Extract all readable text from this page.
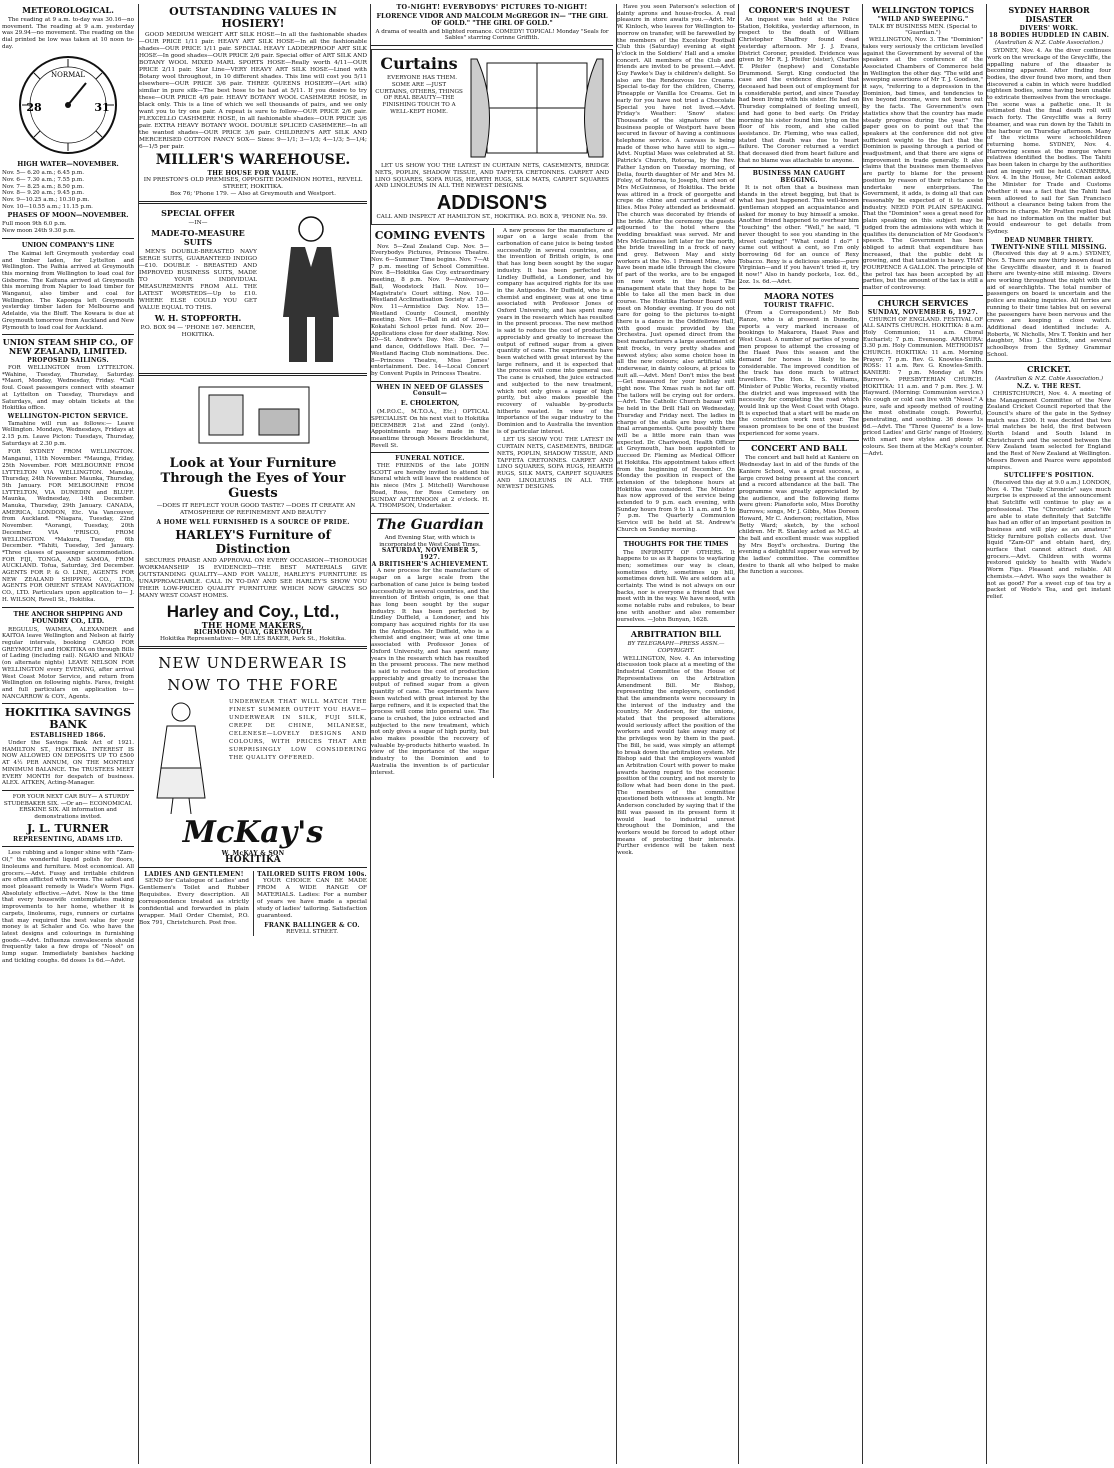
METEOROLOGICAL.

The reading at 9 a.m. to-day was 30.16—no movement. The reading at 9 a.m. yesterday was 29.94—no movement. The reading on the dial printed be low was taken at 10 noon to-day.

NORMAL
28	31
HIGH WATER—NOVEMBER.
Nov. 5— 6.20 a.m.; 6.45 p.m.
Nov. 6— 7.30 a.m.; 7.55 p.m.
Nov. 7— 8.25 a.m.; 8.50 p.m.
Nov. 8— 9.20 a.m.; 9.45 p.m.
Nov. 9—10.25 a.m.; 10.30 p.m.
Nov. 10—10.55 a.m.; 11.15 p.m.
PHASES OF MOON—NOVEMBER.
Full moon 9th 6.0 p.m.
New moon 24th 9.30 p.m.
UNION COMPANY'S LINE

The Kaimai left Greymouth yesterday coal and timber laden, for Lyttelton and Wellington. The Paihia arrived at Greymouth this morning from Wellington to load coal for Gisborne. The Kaituna arrived at Greymouth this morning from Napier to load timber for Wanganui, also timber and coal for Wellington. The Kaponga left Greymouth yesterday timber laden for Melbourne and Adelaide, via the Bluff. The Kowara is due at Greymouth tomorrow from Auckland and New Plymouth to load coal for Auckland.

UNION STEAM SHIP CO., OF NEW ZEALAND, LIMITED.
PROPOSED SAILINGS.

FOR WELLINGTON from LYTTELTON. *Wahine, Tuesday, Thursday, Saturday. *Maori, Monday, Wednesday, Friday. *Call foul. Coast passengers connect with steamer at Lyttelton on Tuesday, Thursdays and Saturdays, and may obtain tickets at the Hokitika office.

WELLINGTON-PICTON SERVICE.

Tamahine will run as follows:— Leave Wellington. Mondays, Wednesdays, Fridays at 2.15 p.m. Leave Picton: Tuesdays, Thursday, Saturdays at 2.30 p.m.

FOR SYDNEY FROM WELLINGTON. Manganui, 11th November. *Maunga, Friday, 25th November. FOR MELBOURNE FROM LYTTELTON VIA WELLINGTON. Manuka, Thursday, 24th November. Maunka, Thursday, 5th January. FOR MELBOURNE FROM LYTTELTON, VIA DUNEDIN and BLUFF. Maunka, Wednesday, 14th December. Manuka, Thursday, 29th January. CANADA, AMERICA, LONDON, Etc. Via Vancouver, from Auckland. *Niagara, Tuesday, 22nd November. *Aorangi, Tuesday, 20th December. VIA 'FRISCO, FROM WELLINGTON. *Makura, Tuesday, 6th December. *Tahiti, Tuesday, 3rd January. *Three classes of passenger accommodation. FOR FIJI, TONGA, AND SAMOA, FROM AUCKLAND. Tofua, Saturday, 3rd December. AGENTS FOR P. & O. LINE, AGENTS FOR NEW ZEALAND SHIPPING CO., LTD., AGENTS FOR ORIENT STEAM NAVIGATION CO., LTD. Particulars upon application to— J. H. WILSON, Revell St., Hokitika.

THE ANCHOR SHIPPING AND FOUNDRY CO., LTD.

REGULUS, WAIMEA, ALEXANDER and KAITOA leave Wellington and Nelson at fairly regular intervals, booking CARGO FOR GREYMOUTH and HOKITIKA on through Bills of Lading (including rail). NGAIO and NIKAU (on alternate nights) LEAVE NELSON FOR WELLINGTON every EVENING, after arrival West Coast Motor Service, and return from Wellington on following nights. Fares, freight and full particulars on application to— NANCARROW & COY., Agents.

HOKITIKA SAVINGS BANK
ESTABLISHED 1866.

Under the Savings Bank Act of 1921. HAMILTON ST., HOKITIKA. INTEREST IS NOW ALLOWED ON DEPOSITS UP TO £500 AT 4½ PER ANNUM, ON THE MONTHLY MINIMUM BALANCE. The TRUSTEES MEET EVERY MONTH for despatch of business. ALEX. AITKEN, Acting-Manager.

FOR YOUR NEXT CAR BUY— A STURDY STUDEBAKER SIX. —Or an— ECONOMICAL ERSKINE SIX. All information and demonstrations invited.

J. L. TURNER
REPRESENTING, ADAMS LTD.

Less rubbing and a longer shine with "Zam-Ol," the wonderful liquid polish for floors, linoleums and furniture. Most economical. All grocers.—Advt. Fussy and irritable children are often afflicted with worms. The safest and most pleasant remedy is Wade's Worm Figs. Absolutely effective.—Advt. Now is the time that every housewife contemplates making improvements to her home, whether it is carpets, linoleums, rugs, runners or curtains that may required the best value for your money is at Schaler and Co. who have the latest designs and colourings in furnishing goods.—Advt. Influenza convalescents should frequently take a few drops of "Nosol" on lump sugar. Immediately banishes hacking and tickling coughs. 6d doses 1s 6d.—Advt.

OUTSTANDING VALUES IN HOSIERY!

GOOD MEDIUM WEIGHT ART SILK HOSE—In all the fashionable shades—OUR PRICE 1/11 pair. HEAVY ART SILK HOSE—In all the fashionable shades—OUR PRICE 1/11 pair. SPECIAL HEAVY LADDERPROOF ART SILK HOSE—In good shades—OUR PRICE 2/6 pair. Special offer of ART SILK AND BOTANY WOOL MIXED MARL SPORTS HOSE—Really worth 4/11—OUR PRICE 2/11 pair. Star Line—VERY HEAVY ART SILK HOSE—Lined with Botany wool throughout, in 10 different shades. This line will cost you 5/11 elsewhere—OUR PRICE 3/6 pair. THREE QUEENS HOSIERY—(Art silk) similar in pure silk—The best hose to be had at 5/11. If you desire to try these—OUR PRICE 4/6 pair. HEAVY BOTANY WOOL CASHMERE HOSE, in black only. This is a line of which we sell thousands of pairs, and we only want you to try one pair. A repeat is sure to follow—OUR PRICE 2/6 pair. FLEXCELLO CASHMERE HOSE, in all fashionable shades—OUR PRICE 3/6 pair. EXTRA HEAVY BOTANY WOOL DOUBLE SPLICED CASHMERE—In all the wanted shades—OUR PRICE 3/6 pair. CHILDREN'S ART SILK AND MERCERISED COTTON FANCY SOX— Sizes: 9—1/1; 3—1/3; 4—1/3; 5—1/4; 6—1/5 per pair.

MILLER'S WAREHOUSE.
THE HOUSE FOR VALUE.
IN PRESTON'S OLD PREMISES, OPPOSITE DOMINION HOTEL, REVELL STREET, HOKITIKA.
Box 76; 'Phone 179. — Also at Greymouth and Westport.
SPECIAL OFFER
—IN—
MADE-TO-MEASURE SUITS

MEN'S DOUBLE-BREASTED NAVY SERGE SUITS, GUARANTEED INDIGO—£10. DOUBLE - BREASTED AND IMPROVED BUSINESS SUITS, MADE TO YOUR INDIVIDUAL MEASUREMENTS FROM ALL THE LATEST WORSTEDS—Up to £10. WHERE ELSE COULD YOU GET VALUE EQUAL TO THIS.

W. H. STOPFORTH.
P.O. BOX 94 — 'PHONE 167. MERCER, HOKITIKA.
Look at Your Furniture Through the Eyes of Your Guests

—DOES IT REFLECT YOUR GOOD TASTE? —DOES IT CREATE AN ATMOSPHERE OF REFINEMENT AND BEAUTY?

A HOME WELL FURNISHED IS A SOURCE OF PRIDE.
HARLEY'S Furniture of Distinction

SECURES PRAISE AND APPROVAL ON EVERY OCCASION—THOROUGH WORKMANSHIP IS EVIDENCED—THE BEST MATERIALS GIVE OUTSTANDING QUALITY—AND FOR VALUE, HARLEY'S FURNITURE IS UNAPPROACHABLE. CALL IN TO-DAY AND SEE HARLEY'S SHOW YOU THEIR LOW-PRICED QUALITY FURNITURE WHICH NOW GRACES SO MANY WEST COAST HOMES.

Harley and Coy., Ltd.,
THE HOME MAKERS,
RICHMOND QUAY, GREYMOUTH
Hokitika Representative:— MR LES BAKER, Park St., Hokitika.
NEW UNDERWEAR IS NOW TO THE FORE
UNDERWEAR THAT WILL MATCH THE FINEST SUMMER OUTFIT YOU HAVE—UNDERWEAR IN SILK, FUJI SILK, CREPE DE CHINE, MILANESE, CELENESE—LOVELY DESIGNS AND COLOURS, WITH PRICES THAT ARE SURPRISINGLY LOW CONSIDERING THE QUALITY OFFERED.
McKay's
W. McKAY & SON
HOKITIKA
LADIES AND GENTLEMEN!

SEND for Catalogue of Ladies' and Gentlemen's Toilet and Rubber Requisites. Every description. All correspondence treated as strictly confidential and forwarded in plain wrapper. Mail Order Chemist, P.O. Box 791, Christchurch. Post free.

TAILORED SUITS FROM 100s.

YOUR CHOICE CAN BE MADE FROM A WIDE RANGE OF MATERIALS. Ladies: For a number of years we have made a special study of ladies' tailoring. Satisfaction guaranteed.

FRANK BALLINGER & CO.
REVELL STREET.
TO-NIGHT! EVERYBODYS' PICTURES TO-NIGHT!
FLORENCE VIDOR AND MALCOLM McGREGOR IN— "THE GIRL OF GOLD." "THE GIRL OF GOLD."
A drama of wealth and blighted romance. COMEDY! TOPICAL! Monday "Seals for Sables" starring Corinne Griffith.
Curtains

EVERYONE HAS THEM. SOME ARE —JUST CURTAINS, OTHERS, THINGS OF REAL BEAUTY—THE FINISHING TOUCH TO A WELL-KEPT HOME.

LET US SHOW YOU THE LATEST IN CURTAIN NETS, CASEMENTS, BRIDGE NETS, POPLIN, SHADOW TISSUE, AND TAFFETA CRETONNES. CARPET AND LINO SQUARES, SOFA RUGS, HEARTH RUGS, SILK MATS, CARPET SQUARES AND LINOLEUMS IN ALL THE NEWEST DESIGNS.

ADDISON'S
CALL AND INSPECT AT HAMILTON ST., HOKITIKA. P.O. BOX 8, 'PHONE No. 59.
COMING EVENTS

Nov. 5—Zeal Zealand Cup. Nov. 5—Everybodys Pictures, Princess Theatre. Nov. 6—Summer Time begins. Nov. 7—At 7 p.m. meeting of School Committee. Nov. 8—Hokitika Gas Coy. extraordinary meeting, 8 p.m. Nov. 9—Anniversary Ball, Woodstock Hall. Nov. 10—Magistrate's Court sitting. Nov. 10—Westland Acclimatisation Society at 7.30. Nov. 11—Armistice Day. Nov. 15—Westland County Council, monthly meeting. Nov. 16—Ball in aid of Lower Kokatahi School prize fund. Nov. 20—Applications close for deer stalking. Nov. 20—St. Andrew's Day. Nov. 30—Social and dance, Oddfellows Hall. Dec. 7—Westland Racing Club nominations. Dec. 8—Princess Theatre, Miss James' entertainment. Dec. 14—Local Concert by Convent Pupils in Princess Theatre.

WHEN IN NEED OF GLASSES Consult—
E. CHOLERTON,

(M.P.O.C., M.T.O.A., Etc.) OPTICAL SPECIALIST. On his next visit to Hokitika DECEMBER 21st and 22nd (only). Appointments may be made in the meantime through Messrs Brocklehurst, Revell St.

FUNERAL NOTICE.

THE FRIENDS of the late JOHN SCOTT are hereby invited to attend his funeral which will leave the residence of his niece (Mrs J. Mitchell) Warehouse Road, Ross, for Ross Cemetery on SUNDAY AFTERNOON at 2 o'clock. H. A. THOMPSON, Undertaker.

The Guardian
And Evening Star, with which is incorporated the West Coast Times.
SATURDAY, NOVEMBER 5, 1927.
A BRITISHER'S ACHIEVEMENT.

A new process for the manufacture of sugar on a large scale from the carbonation of cane juice is being tested successfully in several countries, and the invention of British origin, is one that has long been sought by the sugar industry. It has been perfected by Lindley Duffield, a Londoner, and his company has acquired rights for its use in the Antipodes. Mr Duffield, who is a chemist and engineer, was at one time associated with Professor Jones of Oxford University, and has spent many years in the research which has resulted in the present process. The new method is said to reduce the cost of production appreciably and greatly to increase the output of refined sugar from a given quantity of cane. The experiments have been watched with great interest by the large refiners, and it is expected that the process will come into general use. The cane is crushed, the juice extracted and subjected to the new treatment, which not only gives a sugar of high purity, but also makes possible the recovery of valuable by-products hitherto wasted. In view of the importance of the sugar industry to the Dominion and to Australia the invention is of particular interest.

A new process for the manufacture of sugar on a large scale from the carbonation of cane juice is being tested successfully in several countries, and the invention of British origin, is one that has long been sought by the sugar industry. It has been perfected by Lindley Duffield, a Londoner, and his company has acquired rights for its use in the Antipodes. Mr Duffield, who is a chemist and engineer, was at one time associated with Professor Jones of Oxford University, and has spent many years in the research which has resulted in the present process. The new method is said to reduce the cost of production appreciably and greatly to increase the output of refined sugar from a given quantity of cane. The experiments have been watched with great interest by the large refiners, and it is expected that the process will come into general use. The cane is crushed, the juice extracted and subjected to the new treatment, which not only gives a sugar of high purity, but also makes possible the recovery of valuable by-products hitherto wasted. In view of the importance of the sugar industry to the Dominion and to Australia the invention is of particular interest.

LET US SHOW YOU THE LATEST IN CURTAIN NETS, CASEMENTS, BRIDGE NETS, POPLIN, SHADOW TISSUE, AND TAFFETA CRETONNES. CARPET AND LINO SQUARES, SOFA RUGS, HEARTH RUGS, SILK MATS, CARPET SQUARES AND LINOLEUMS IN ALL THE NEWEST DESIGNS.

Have you seen Paterson's selection of dainty aprons and house-frocks. A real pleasure in store awaits you.—Advt. Mr W. Kinloch, who leaves for Wellington to-morrow on transfer, will be farewelled by the members of the Excelsior Football Club this (Saturday) evening at eight o'clock in the Soldiers' Hall and a smoke concert. All members of the Club and friends are invited to be present.—Advt. Guy Fawke's Day is children's delight. So also are the Rendezvous Ice Creams. Special to-day for the children, Cherry, Pineapple or Vanilla Ice Creams. Get in early for you have not tried a Chocolate Special you have not lived.—Advt. Friday's Weather: 'Snow' states: Thousands of the signatures of the business people of Westport have been secured in favour of having a continuous telephone service. A canvass is being made of those who have still to sign.—Advt. Nuptial Mass was celebrated at St. Patrick's Church, Rotorua, by the Rev. Father Lyndon on Tuesday morning, of Delia, fourth daughter of Mr and Mrs M. Foley, of Rotorua, to Joseph, third son of Mrs McGuinness, of Hokitika. The bride was attired in a frock of georgette and crepe de chine and carried a sheaf of lilies. Miss Foley attended as bridesmaid. The church was decorated by friends of the bride. After the ceremony the guests adjourned to the hotel where the wedding breakfast was served. Mr and Mrs McGuinness left later for the north, the bride travelling in a frock of navy and grey. Between May and sixty workers at the No. 1 Prinsent Mine, who have been made idle through the closure of part of the works, are to be engaged on new work in the field. The management state that they hope to be able to take all the men back in due course. The Hokitika Harbour Board will meet on Monday evening. If you do not care for going to the pictures to-night there is a dance in the Oddfellows Hall, with good music provided by the Orchestra. Just opened direct from the best manufacturers a large assortment of knit frocks, in very pretty shades and newest styles; also some choice hose in all the new colours; also artificial silk underwear, in dainty colours, at prices to suit all.—Advt. Men! Don't miss the best—Get measured for your holiday suit right now. The Xmas rush is not far off. The tailors will be crying out for orders. —Advt. The Catholic Church bazaar will be held in the Drill Hall on Wednesday, Thursday and Friday next. The ladies in charge of the stalls are busy with the final arrangements. Quite possibly there will be a little more rain than was expected. Dr. Charlwood, Health Officer at Greymouth, has been appointed to succeed Dr. Fleming as Medical Officer at Hokitika. His appointment takes effect from the beginning of December. On Monday the position in respect of the extension of the telephone hours at Hokitika was considered. The Minister has now approved of the service being extended to 9 p.m. each evening, with Sunday hours from 9 to 11 a.m. and 5 to 7 p.m. The Quarterly Communion Service will be held at St. Andrew's Church on Sunday morning.

THOUGHTS FOR THE TIMES

The INFIRMITY OF OTHERS. It happens to us as it happens to wayfaring men; sometimes our way is clean, sometimes dirty, sometimes up hill, sometimes down hill. We are seldom at a certainty. The wind is not always on our backs, nor is everyone a friend that we meet with in the way. We have need, with some notable rubs and rebukes, to bear one with another and also remember ourselves. —John Bunyan, 1628.

ARBITRATION BILL
BY TELEGRAPH—PRESS ASSN.—COPYRIGHT.

WELLINGTON, Nov. 4. An interesting discussion took place at a meeting of the Industrial Committee of the House of Representatives on the Arbitration Amendment Bill. Mr Bishop, representing the employers, contended that the amendments were necessary in the interest of the industry and the country. Mr Anderson, for the unions, stated that the proposed alterations would seriously affect the position of the workers and would take away many of the privileges won by them in the past. The Bill, he said, was simply an attempt to break down the arbitration system. Mr Bishop said that the employers wanted an Arbitration Court with power to make awards having regard to the economic position of the country, and not merely to follow what had been done in the past. The members of the committee questioned both witnesses at length. Mr Anderson concluded by saying that if the Bill was passed in its present form it would lead to industrial unrest throughout the Dominion, and the workers would be forced to adopt other means of protecting their interests. Further evidence will be taken next week.

CORONER'S INQUEST

An inquest was held at the Police Station, Hokitika, yesterday afternoon, in respect to the death of William Christopher Shaffrey found dead yesterday afternoon. Mr J. J. Evans, District Coroner, presided. Evidence was given by Mr R. J. Pfeifer (sister), Charles T. Pfeifer (nephew) and Constable Drummond. Sergt. King conducted the case and the evidence disclosed that deceased had been out of employment for a considerable period, and since Tuesday had been living with his sister. He had on Thursday complained of feeling unwell, and had gone to bed early. On Friday morning his sister found him lying on the floor of his room, and she called assistance. Dr. Fleming, who was called, stated that death was due to heart failure. The Coroner returned a verdict that deceased died from heart failure and that no blame was attachable to anyone.

BUSINESS MAN CAUGHT BEGGING.

It is not often that a business man stands in the street begging, but that is what has just happened. This well-known gentleman stopped an acquaintance and asked for money to buy himself a smoke. Another friend happened to overhear him "touching" the other. "Well," he said, "I never thought to see you standing in the street cadging!" "What could I do?" I came out without a cent, so I'm only borrowing 6d for an ounce of Rexy Tobacco. Rexy is a delicious smoke—pure Virginian—and if you haven't tried it, try it now!" Also in handy pockets, 1oz. 6d., 2oz. 1s. 6d.—Advt.

MAORA NOTES
TOURIST TRAFFIC.

(From a Correspondent.) Mr Bob Ranze, who is at present in Dunedin, reports a very marked increase of bookings to Makarora, Haast Pass and West Coast. A number of parties of young men propose to attempt the crossing of the Haast Pass this season and the demand for horses is likely to be considerable. The improved condition of the track has done much to attract travellers. The Hon. K. S. Williams, Minister of Public Works, recently visited the district and was impressed with the necessity for completing the road which would link up the West Coast with Otago. It is expected that a start will be made on the construction work next year. The season promises to be one of the busiest experienced for some years.

CONCERT AND BALL

The concert and ball held at Kaniere on Wednesday last in aid of the funds of the Kaniere School, was a great success, a large crowd being present at the concert and a record attendance at the ball. The programme was greatly appreciated by the audience, and the following items were given: Pianoforte solo, Miss Dorothy Burrows; songs, Mr J. Gibbs, Miss Doreen Howard, Mr C. Anderson; recitation, Miss Betty Ward; sketch, by the school children. Mr R. Stanley acted as M.C. at the ball and excellent music was supplied by Mrs Boyd's orchestra. During the evening a delightful supper was served by the ladies' committee. The committee desire to thank all who helped to make the function a success.

WELLINGTON TOPICS
"WILD AND SWEEPING."
TALK BY BUSINESS MEN. (Special to "Guardian.")

WELLINGTON, Nov. 3. The "Dominion" takes very seriously the criticism levelled against the Government by several of the speakers at the conference of the Associated Chambers of Commerce held in Wellington the other day. "The wild and sweeping assertions of Mr T. J. Goodson," it says, "referring to a depression in the Dominion, bad times, and tendencies to live beyond income, were not borne out by the facts. The Government's own statistics show that the country has made steady progress during the year." The paper goes on to point out that the speakers at the conference did not give sufficient weight to the fact that the Dominion is passing through a period of readjustment, and that there are signs of improvement in trade generally. It also claims that the business men themselves are partly to blame for the present position by reason of their reluctance to undertake new enterprises. The Government, it adds, is doing all that can reasonably be expected of it to assist industry. NEED FOR PLAIN SPEAKING. That the "Dominion" sees a great need for plain speaking on this subject may be judged from the admissions with which it qualifies its denunciation of Mr Goodson's speech. The Government has been obliged to admit that expenditure has increased, that the public debt is growing, and that taxation is heavy. THAT FOURPENCE A GALLON. The principle of the petrol tax has been accepted by all parties, but the amount of the tax is still a matter of controversy.

CHURCH SERVICES
SUNDAY, NOVEMBER 6, 1927.

CHURCH OF ENGLAND. FESTIVAL OF ALL SAINTS CHURCH. HOKITIKA: 8 a.m. Holy Communion; 11 a.m. Choral Eucharist; 7 p.m. Evensong. ARAHURA: 3.30 p.m. Holy Communion. METHODIST CHURCH. HOKITIKA: 11 a.m. Morning Prayer; 7 p.m. Rev. G. Knowles-Smith. ROSS: 11 a.m. Rev. G. Knowles-Smith. KANIERI: 7 p.m. Monday at Mrs Burrow's. PRESBYTERIAN CHURCH. HOKITIKA: 11 a.m. and 7 p.m. Rev. J. W. Hayward. (Morning: Communion service.) No cough or cold can live with "Nosol." A sure, safe and speedy method of routing the most obstinate cough. Powerful, penetrating, and soothing. 36 doses 1s 6d.—Advt. The "Three Queens" is a low-priced Ladies' and Girls' range of Hosiery, with smart new styles and plenty of colours. See them at the McKay's counter.—Advt.

SYDNEY HARBOR DISASTER
DIVERS' WORK.
18 BODIES HUDDLED IN CABIN.
(Australian & N.Z. Cable Association.)

SYDNEY, Nov. 4. As the diver continues work on the wreckage of the Greycliffe, the appalling nature of the disaster is becoming apparent. After finding four bodies, the diver found two more, and then discovered a cabin in which were huddled eighteen bodies, some having been unable to extricate themselves from the wreckage. The scene was a pathetic one. It is estimated that the final death roll will reach forty. The Greycliffe was a ferry steamer, and was run down by the Tahiti in the harbour on Thursday afternoon. Many of the victims were schoolchildren returning home. SYDNEY, Nov. 4. Harrowing scenes at the morgue where relatives identified the bodies. The Tahiti has been taken in charge by the authorities and an inquiry will be held. CANBERRA, Nov. 4. In the House, Mr Coleman asked the Minister for Trade and Customs whether it was a fact that the Tahiti had been allowed to sail for San Francisco without a clearance being taken from the officers in charge. Mr Pratten replied that he had no information on the matter but would endeavour to get details from Sydney.

DEAD NUMBER THIRTY.
TWENTY-NINE STILL MISSING.

(Received this day at 9 a.m.) SYDNEY, Nov. 5. There are now thirty known dead in the Greycliffe disaster, and it is feared there are twenty-nine still missing. Divers are working throughout the night with the aid of searchlights. The total number of passengers on board is uncertain and the police are making inquiries. All ferries are running to their time tables but on several the passengers have been nervous and the crews are keeping a close watch. Additional dead identified include: A. Roberts, W. Nicholls, Mrs T. Tonkin and her daughter, Miss J. Chittick, and several schoolboys from the Sydney Grammar School.

CRICKET.
(Australian & N.Z. Cable Association.)
N.Z. v. THE REST.

CHRISTCHURCH, Nov. 4. A meeting of the Management Committee of the New Zealand Cricket Council reported that the Council's share of the gate in the Sydney match was £300. It was decided that two trial matches be held, the first between North Island and South Island in Christchurch and the second between the New Zealand team selected for England and the Rest of New Zealand at Wellington. Messrs Bowen and Pearce were appointed umpires.

SUTCLIFFE'S POSITION.

(Received this day at 9.0 a.m.) LONDON, Nov. 4. The "Daily Chronicle" says much surprise is expressed at the announcement that Sutcliffe will continue to play as a professional. The "Chronicle" adds: "We are able to state definitely that Sutcliffe has had an offer of an important position in business and will play as an amateur." Sticky furniture polish collects dust. Use liquid "Zam-Ol" and obtain hard, dry, surface that cannot attract dust. All grocers.—Advt. Children with worms restored quickly to health with Wade's Worm Figs. Pleasant and reliable. All chemists.—Advt. Who says the weather is not as good? For a sweet cup of tea try a packet of Wodo's Tea, and get instant relief.
